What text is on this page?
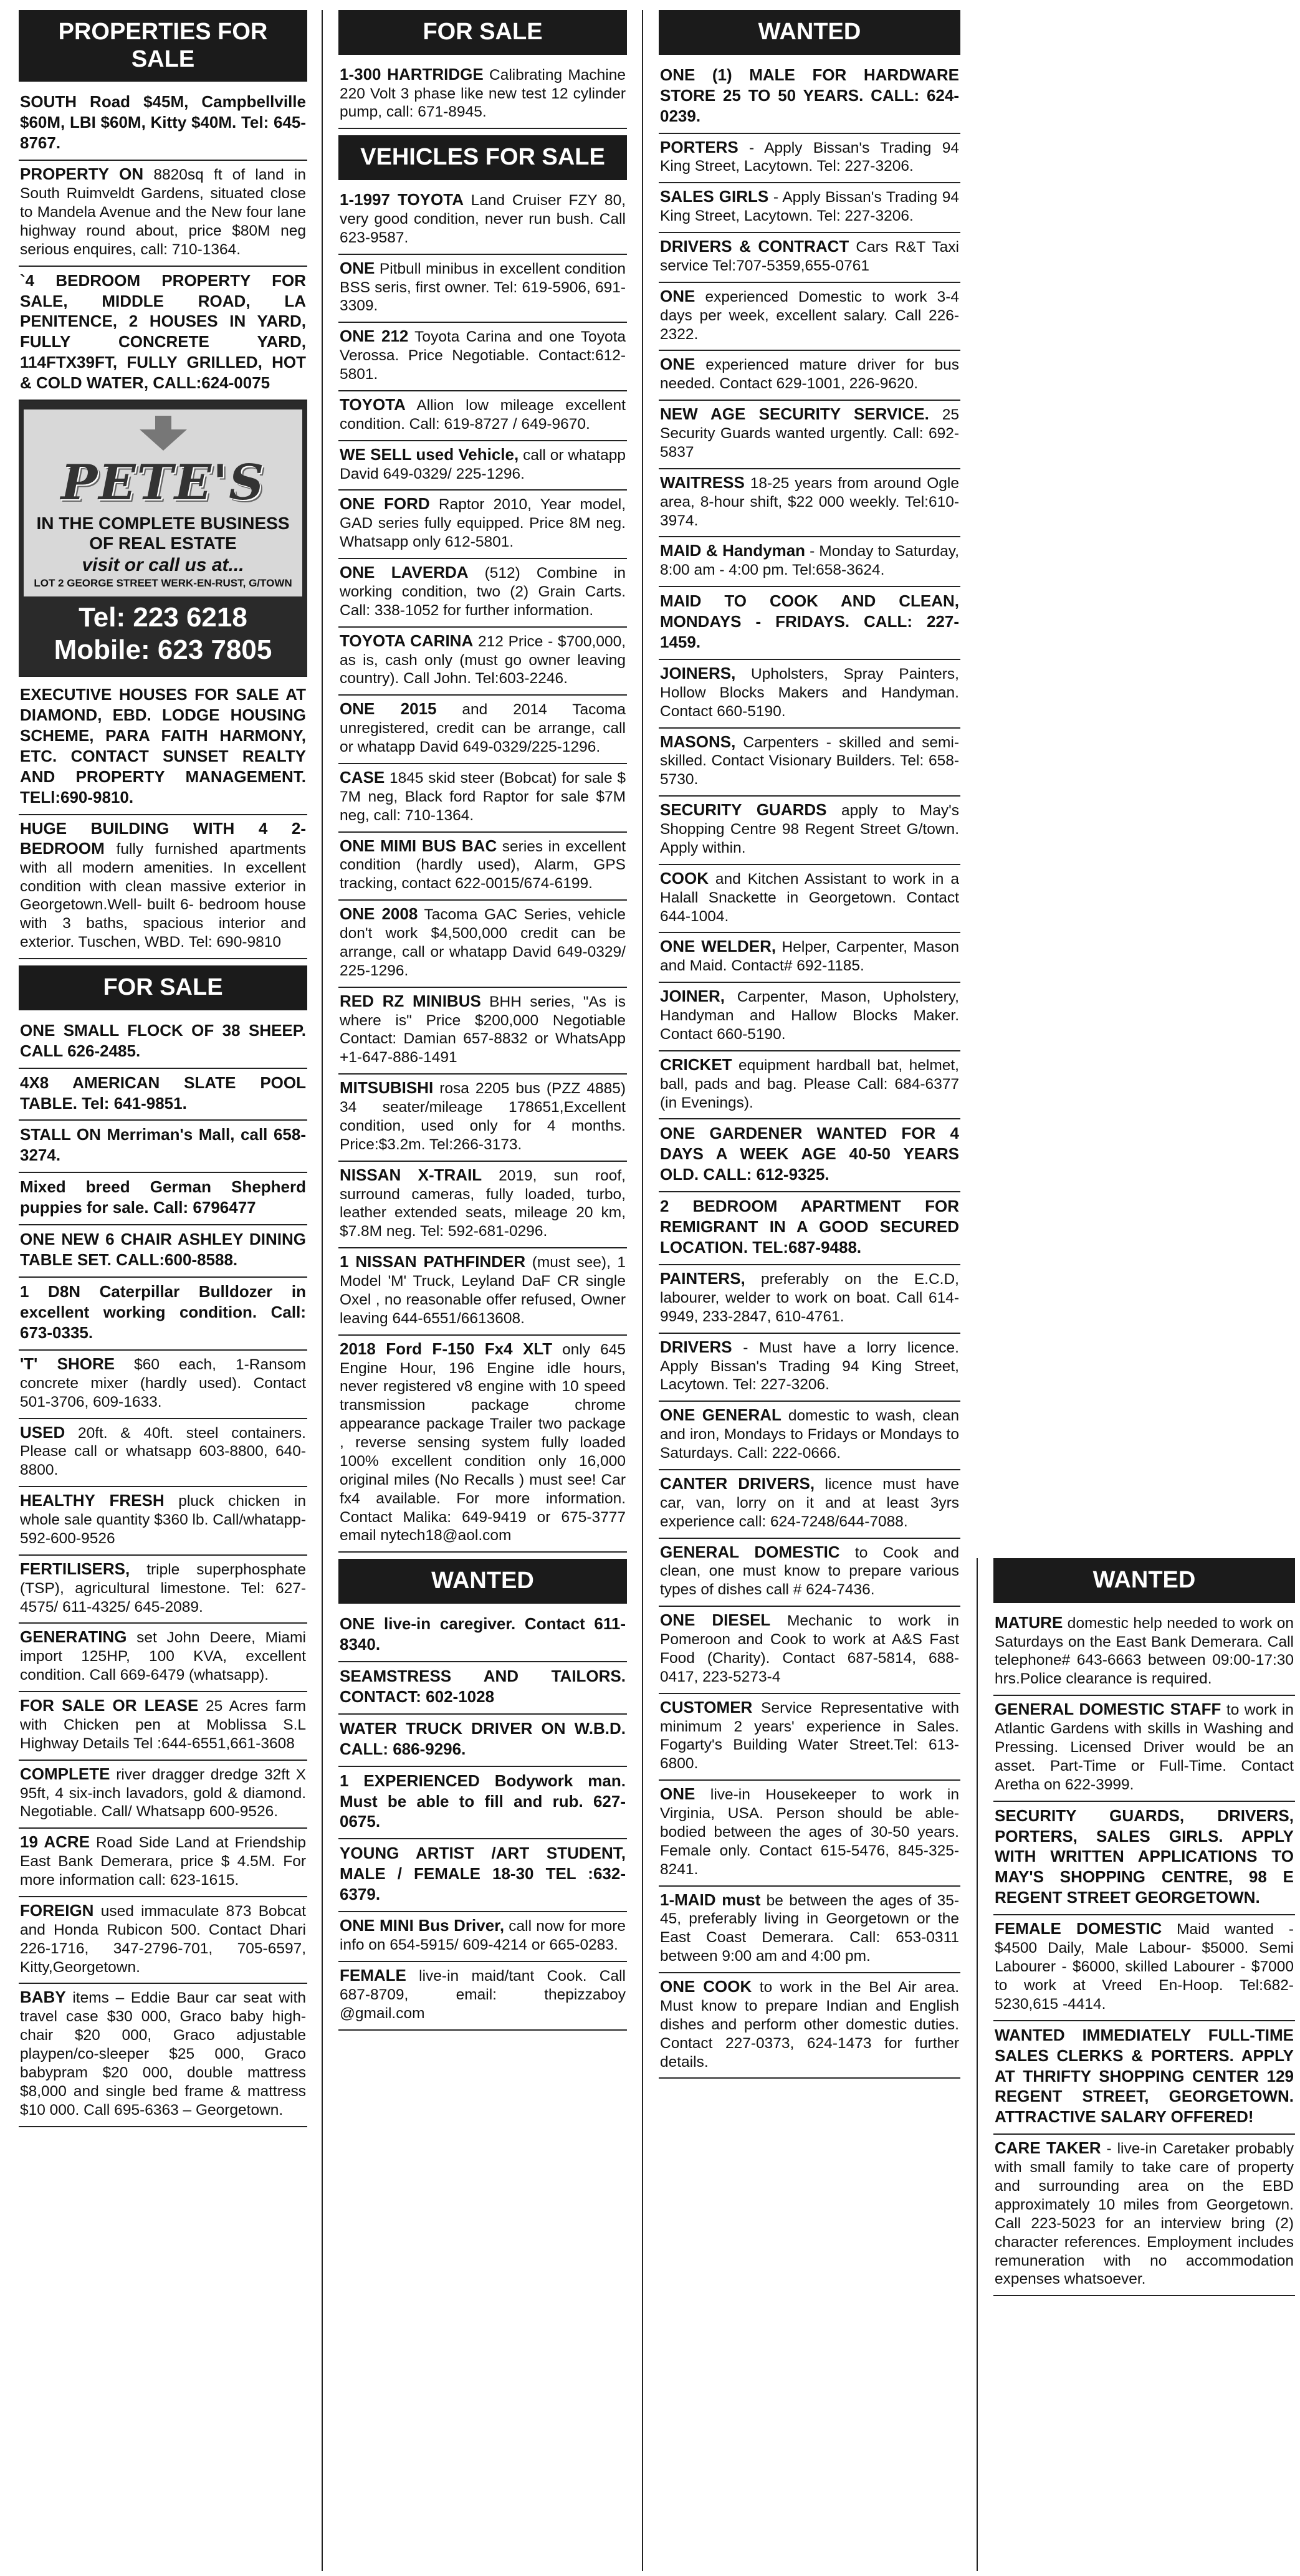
PROPERTIES FOR SALE

SOUTH Road $45M, Campbellville $60M, LBI $60M, Kitty $40M. Tel: 645-8767.

PROPERTY ON 8820sq ft of land in South Ruimveldt Gardens, situated close to Mandela Avenue and the New four lane highway round about, price $80M neg serious enquires, call: 710-1364.

`4 BEDROOM PROPERTY FOR SALE, MIDDLE ROAD, LA PENITENCE, 2 HOUSES IN YARD, FULLY CONCRETE YARD, 114FTX39FT, FULLY GRILLED, HOT & COLD WATER, CALL:624-0075

PETE'S
IN THE COMPLETE BUSINESS OF REAL ESTATE
visit or call us at...
LOT 2 GEORGE STREET WERK-EN-RUST, G/TOWN
Tel: 223 6218
Mobile: 623 7805

EXECUTIVE HOUSES FOR SALE AT DIAMOND, EBD. LODGE HOUSING SCHEME, PARA FAITH HARMONY, ETC. CONTACT SUNSET REALTY AND PROPERTY MANAGEMENT. TELl:690-9810.

HUGE BUILDING WITH 4 2- BEDROOM fully furnished apartments with all modern amenities. In excellent condition with clean massive exterior in Georgetown.Well- built 6- bedroom house with 3 baths, spacious interior and exterior. Tuschen, WBD. Tel: 690-9810

FOR SALE

ONE SMALL FLOCK OF 38 SHEEP. CALL 626-2485.

4X8 AMERICAN SLATE POOL TABLE. Tel: 641-9851.

STALL ON Merriman's Mall, call 658-3274.

Mixed breed German Shepherd puppies for sale. Call: 6796477

ONE NEW 6 CHAIR ASHLEY DINING TABLE SET. CALL:600-8588.

1 D8N Caterpillar Bulldozer in excellent working condition. Call: 673-0335.

'T' SHORE $60 each, 1-Ransom concrete mixer (hardly used). Contact 501-3706, 609-1633.

USED 20ft. & 40ft. steel containers. Please call or whatsapp 603-8800, 640-8800.

HEALTHY FRESH pluck chicken in whole sale quantity $360 lb. Call/whatapp- 592-600-9526

FERTILISERS, triple superphosphate (TSP), agricultural limestone. Tel: 627-4575/ 611-4325/ 645-2089.

GENERATING set John Deere, Miami import 125HP, 100 KVA, excellent condition. Call 669-6479 (whatsapp).

FOR SALE OR LEASE 25 Acres farm with Chicken pen at Moblissa S.L Highway Details Tel :644-6551,661-3608

COMPLETE river dragger dredge 32ft X 95ft, 4 six-inch lavadors, gold & diamond. Negotiable. Call/ Whatsapp 600-9526.

19 ACRE Road Side Land at Friendship East Bank Demerara, price $ 4.5M. For more information call: 623-1615.

FOREIGN used immaculate 873 Bobcat and Honda Rubicon 500. Contact Dhari 226-1716, 347-2796-701, 705-6597, Kitty,Georgetown.

BABY items – Eddie Baur car seat with travel case $30 000, Graco baby high-chair $20 000, Graco adjustable playpen/co-sleeper $25 000, Graco babypram $20 000, double mattress $8,000 and single bed frame & mattress $10 000. Call 695-6363 – Georgetown.

FOR SALE

1-300 HARTRIDGE Calibrating Machine 220 Volt 3 phase like new test 12 cylinder pump, call: 671-8945.

VEHICLES FOR SALE

1-1997 TOYOTA Land Cruiser FZY 80, very good condition, never run bush. Call 623-9587.

ONE Pitbull minibus in excellent condition BSS seris, first owner. Tel: 619-5906, 691-3309.

ONE 212 Toyota Carina and one Toyota Verossa. Price Negotiable. Contact:612-5801.

TOYOTA Allion low mileage excellent condition. Call: 619-8727 / 649-9670.

WE SELL used Vehicle, call or whatapp David 649-0329/ 225-1296.

ONE FORD Raptor 2010, Year model, GAD series fully equipped. Price 8M neg. Whatsapp only 612-5801.

ONE LAVERDA (512) Combine in working condition, two (2) Grain Carts. Call: 338-1052 for further information.

TOYOTA CARINA 212 Price - $700,000, as is, cash only (must go owner leaving country). Call John. Tel:603-2246.

ONE 2015 and 2014 Tacoma unregistered, credit can be arrange, call or whatapp David 649-0329/225-1296.

CASE 1845 skid steer (Bobcat) for sale $ 7M neg, Black ford Raptor for sale $7M neg, call: 710-1364.

ONE MIMI BUS BAC series in excellent condition (hardly used), Alarm, GPS tracking, contact 622-0015/674-6199.

ONE 2008 Tacoma GAC Series, vehicle don't work $4,500,000 credit can be arrange, call or whatapp David 649-0329/ 225-1296.

RED RZ MINIBUS BHH series, "As is where is" Price $200,000 Negotiable Contact: Damian 657-8832 or WhatsApp +1-647-886-1491

MITSUBISHI rosa 2205 bus (PZZ 4885) 34 seater/mileage 178651,Excellent condition, used only for 4 months. Price:$3.2m. Tel:266-3173.

NISSAN X-TRAIL 2019, sun roof, surround cameras, fully loaded, turbo, leather extended seats, mileage 20 km, $7.8M neg. Tel: 592-681-0296.

1 NISSAN PATHFINDER (must see), 1 Model 'M' Truck, Leyland DaF CR single Oxel , no reasonable offer refused, Owner leaving 644-6551/6613608.

2018 Ford F-150 Fx4 XLT only 645 Engine Hour, 196 Engine idle hours, never registered v8 engine with 10 speed transmission package chrome appearance package Trailer two package , reverse sensing system fully loaded 100% excellent condition only 16,000 original miles (No Recalls ) must see! Car fx4 available. For more information. Contact Malika: 649-9419 or 675-3777 email nytech18@aol.com

WANTED

ONE live-in caregiver. Contact 611-8340.

SEAMSTRESS AND TAILORS. CONTACT: 602-1028

WATER TRUCK DRIVER ON W.B.D. CALL: 686-9296.

1 EXPERIENCED Bodywork man. Must be able to fill and rub. 627-0675.

YOUNG ARTIST /ART STUDENT, MALE / FEMALE 18-30 TEL :632-6379.

ONE MINI Bus Driver, call now for more info on 654-5915/ 609-4214 or 665-0283.

FEMALE live-in maid/tant Cook. Call 687-8709, email: thepizzaboy @gmail.com

WANTED

ONE (1) MALE FOR HARDWARE STORE 25 TO 50 YEARS. CALL: 624-0239.

PORTERS - Apply Bissan's Trading 94 King Street, Lacytown. Tel: 227-3206.

SALES GIRLS - Apply Bissan's Trading 94 King Street, Lacytown. Tel: 227-3206.

DRIVERS & CONTRACT Cars R&T Taxi service Tel:707-5359,655-0761

ONE experienced Domestic to work 3-4 days per week, excellent salary. Call 226-2322.

ONE experienced mature driver for bus needed. Contact 629-1001, 226-9620.

NEW AGE SECURITY SERVICE. 25 Security Guards wanted urgently. Call: 692-5837

WAITRESS 18-25 years from around Ogle area, 8-hour shift, $22 000 weekly. Tel:610-3974.

MAID & Handyman - Monday to Saturday, 8:00 am - 4:00 pm. Tel:658-3624.

MAID TO COOK AND CLEAN, MONDAYS - FRIDAYS. CALL: 227-1459.

JOINERS, Upholsters, Spray Painters, Hollow Blocks Makers and Handyman. Contact 660-5190.

MASONS, Carpenters - skilled and semi-skilled. Contact Visionary Builders. Tel: 658-5730.

SECURITY GUARDS apply to May's Shopping Centre 98 Regent Street G/town. Apply within.

COOK and Kitchen Assistant to work in a Halall Snackette in Georgetown. Contact 644-1004.

ONE WELDER, Helper, Carpenter, Mason and Maid. Contact# 692-1185.

JOINER, Carpenter, Mason, Upholstery, Handyman and Hallow Blocks Maker. Contact 660-5190.

CRICKET equipment hardball bat, helmet, ball, pads and bag. Please Call: 684-6377 (in Evenings).

ONE GARDENER WANTED FOR 4 DAYS A WEEK AGE 40-50 YEARS OLD. CALL: 612-9325.

2 BEDROOM APARTMENT FOR REMIGRANT IN A GOOD SECURED LOCATION. TEL:687-9488.

PAINTERS, preferably on the E.C.D, labourer, welder to work on boat. Call 614-9949, 233-2847, 610-4761.

DRIVERS - Must have a lorry licence. Apply Bissan's Trading 94 King Street, Lacytown. Tel: 227-3206.

ONE GENERAL domestic to wash, clean and iron, Mondays to Fridays or Mondays to Saturdays. Call: 222-0666.

CANTER DRIVERS, licence must have car, van, lorry on it and at least 3yrs experience call: 624-7248/644-7088.

GENERAL DOMESTIC to Cook and clean, one must know to prepare various types of dishes call # 624-7436.

ONE DIESEL Mechanic to work in Pomeroon and Cook to work at A&S Fast Food (Charity). Contact 687-5814, 688-0417, 223-5273-4

CUSTOMER Service Representative with minimum 2 years' experience in Sales. Fogarty's Building Water Street.Tel: 613-6800.

ONE live-in Housekeeper to work in Virginia, USA. Person should be able-bodied between the ages of 30-50 years. Female only. Contact 615-5476, 845-325-8241.

1-MAID must be between the ages of 35-45, preferably living in Georgetown or the East Coast Demerara. Call: 653-0311 between 9:00 am and 4:00 pm.

ONE COOK to work in the Bel Air area. Must know to prepare Indian and English dishes and perform other domestic duties. Contact 227-0373, 624-1473 for further details.

WANTED

MATURE domestic help needed to work on Saturdays on the East Bank Demerara. Call telephone# 643-6663 between 09:00-17:30 hrs.Police clearance is required.

GENERAL DOMESTIC STAFF to work in Atlantic Gardens with skills in Washing and Pressing. Licensed Driver would be an asset. Part-Time or Full-Time. Contact Aretha on 622-3999.

SECURITY GUARDS, DRIVERS, PORTERS, SALES GIRLS. APPLY WITH WRITTEN APPLICATIONS TO MAY'S SHOPPING CENTRE, 98 E REGENT STREET GEORGETOWN.

FEMALE DOMESTIC Maid wanted - $4500 Daily, Male Labour- $5000. Semi Labourer - $6000, skilled Labourer - $7000 to work at Vreed En-Hoop. Tel:682-5230,615 -4414.

WANTED IMMEDIATELY FULL-TIME SALES CLERKS & PORTERS. APPLY AT THRIFTY SHOPPING CENTER 129 REGENT STREET, GEORGETOWN. ATTRACTIVE SALARY OFFERED!

CARE TAKER - live-in Caretaker probably with small family to take care of property and surrounding area on the EBD approximately 10 miles from Georgetown. Call 223-5023 for an interview bring (2) character references. Employment includes remuneration with no accommodation expenses whatsoever.
